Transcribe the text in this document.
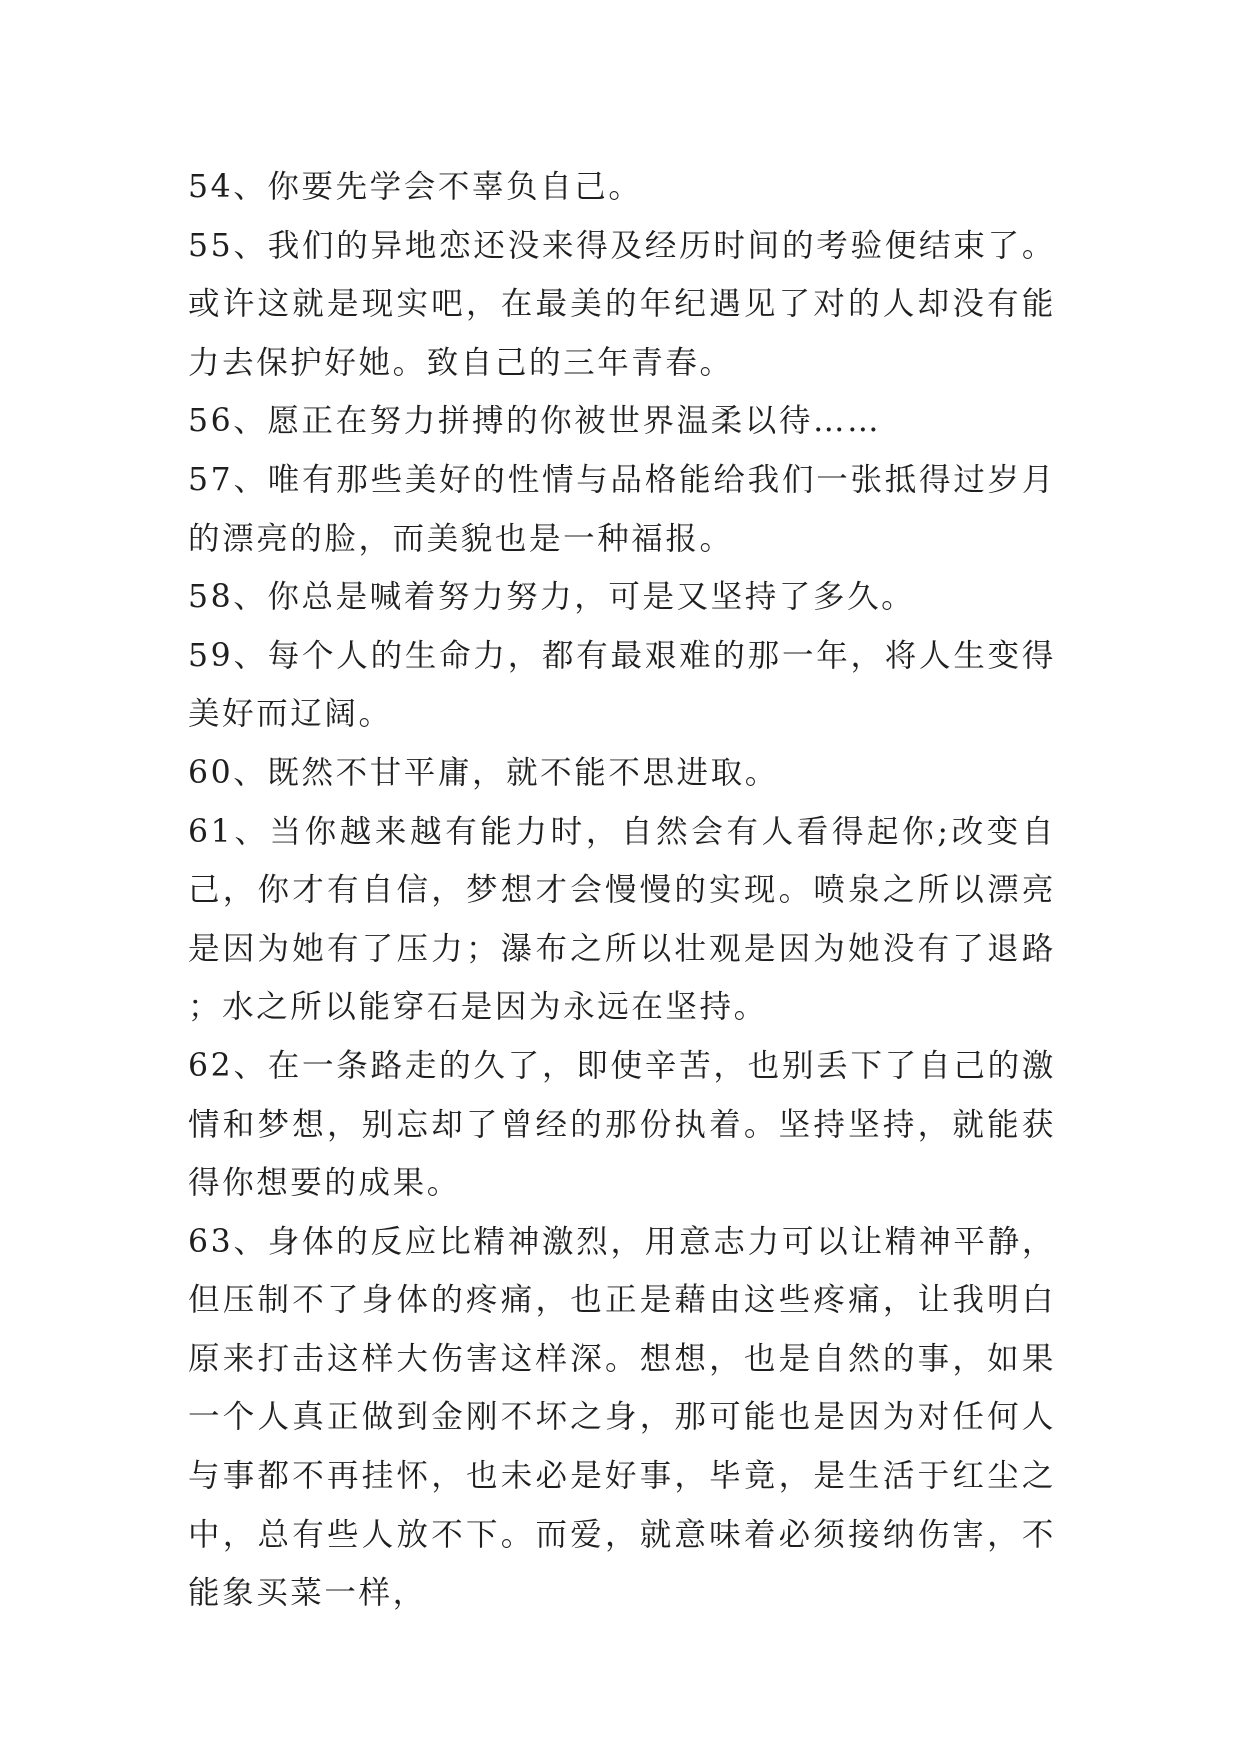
54、你要先学会不辜负自己。

55、我们的异地恋还没来得及经历时间的考验便结束了。或许这就是现实吧，在最美的年纪遇见了对的人却没有能力去保护好她。致自己的三年青春。

56、愿正在努力拼搏的你被世界温柔以待……

57、唯有那些美好的性情与品格能给我们一张抵得过岁月的漂亮的脸，而美貌也是一种福报。

58、你总是喊着努力努力，可是又坚持了多久。

59、每个人的生命力，都有最艰难的那一年，将人生变得美好而辽阔。

60、既然不甘平庸，就不能不思进取。

61、当你越来越有能力时，自然会有人看得起你;改变自己，你才有自信，梦想才会慢慢的实现。喷泉之所以漂亮是因为她有了压力；瀑布之所以壮观是因为她没有了退路；水之所以能穿石是因为永远在坚持。

62、在一条路走的久了，即使辛苦，也别丢下了自己的激情和梦想，别忘却了曾经的那份执着。坚持坚持，就能获得你想要的成果。

63、身体的反应比精神激烈，用意志力可以让精神平静，但压制不了身体的疼痛，也正是藉由这些疼痛，让我明白原来打击这样大伤害这样深。想想，也是自然的事，如果一个人真正做到金刚不坏之身，那可能也是因为对任何人与事都不再挂怀，也未必是好事，毕竟，是生活于红尘之中，总有些人放不下。而爱，就意味着必须接纳伤害，不能象买菜一样，
